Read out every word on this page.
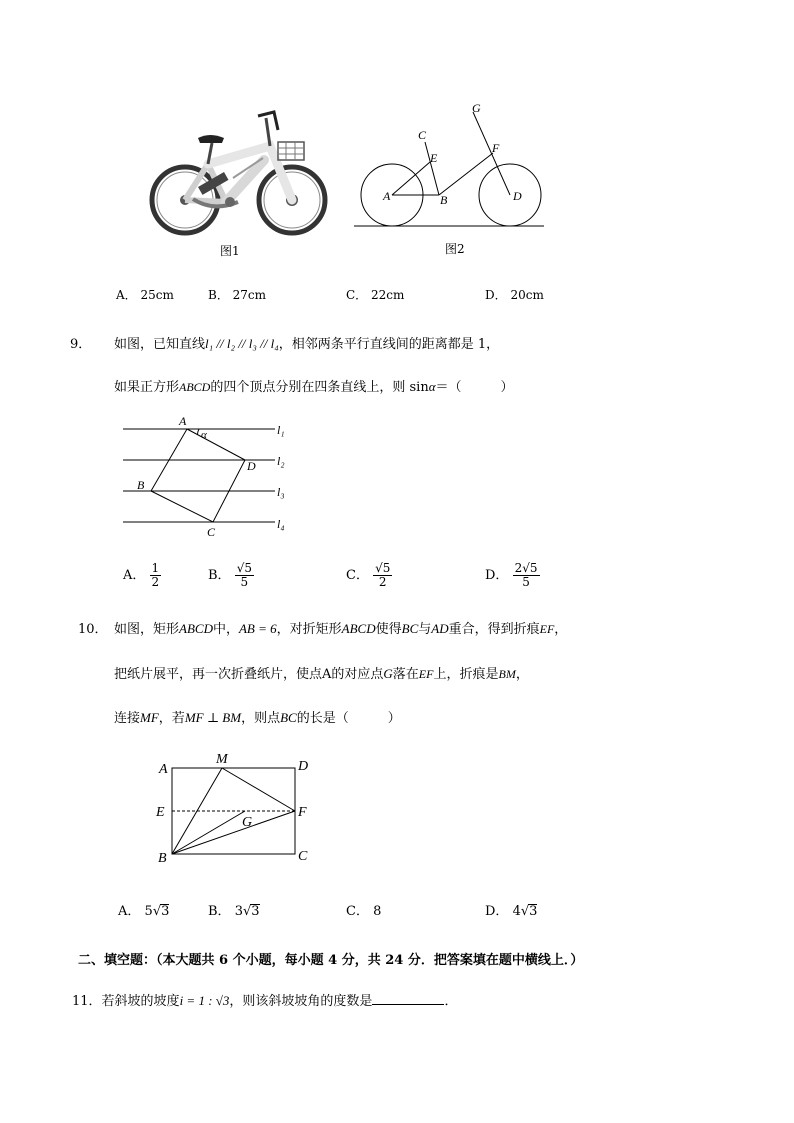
图1
C
E
G
F
A	B	D
图2
A． 25cm	B． 27cm	C． 22cm	D． 20cm
9． 如图，已知直线l₁ // l₂ // l₃ // l₄，相邻两条平行直线间的距离都是 1，
如果正方形ABCD的四个顶点分别在四条直线上，则 sinα＝（　　　）
A
α
D
B
C
l₁
l₂
l₃
l₄
A． $\frac{1}{2}$	B． $\frac{√5}{5}$	C． $\frac{√5}{2}$	D． $\frac{2√5}{5}$
10． 如图，矩形ABCD中，AB = 6，对折矩形ABCD使得BC与AD重合，得到折痕EF，
把纸片展平，再一次折叠纸片，使点A的对应点G落在EF上，折痕是BM，
连接MF，若MF ⊥ BM，则点BC的长是（　　　）
A
M	D
E	F
G
B	C
A． 5√3	B． 3√3	C． 8	D． 4√3
二、填空题：（本大题共 6 个小题，每小题 4 分，共 24 分．把答案填在题中横线上．）
11．若斜坡的坡度i = 1 : √3，则该斜坡坡角的度数是	．
